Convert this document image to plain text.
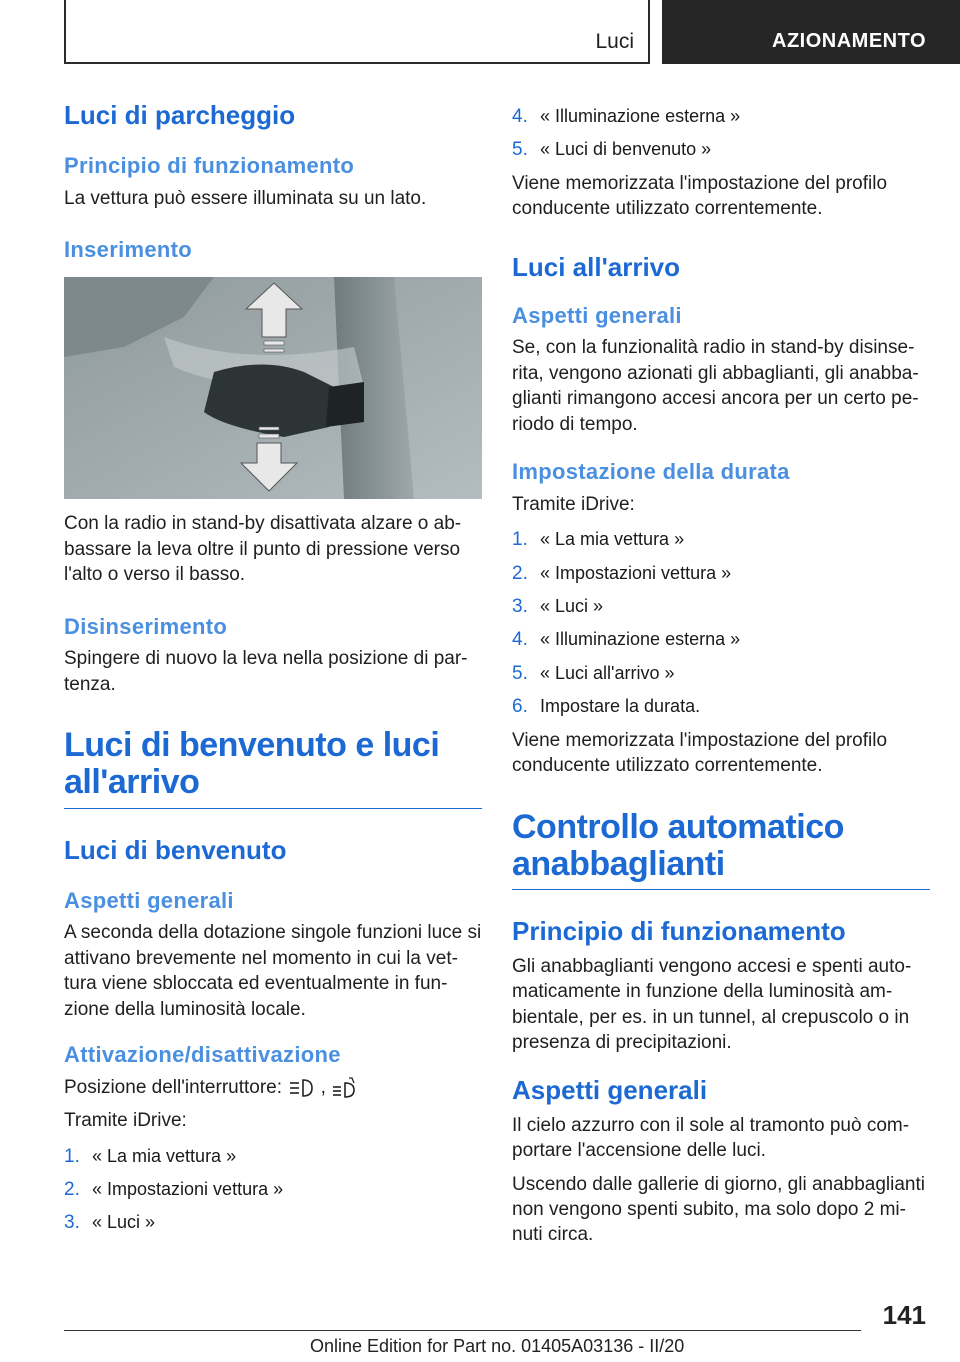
Luci	AZIONAMENTO
Luci di parcheggio
Principio di funzionamento

La vettura può essere illuminata su un lato.

Inserimento

Con la radio in stand-by disattivata alzare o abbassare la leva oltre il punto di pressione verso l'alto o verso il basso.

Disinserimento

Spingere di nuovo la leva nella posizione di partenza.

Luci di benvenuto e luci all'arrivo
Luci di benvenuto
Aspetti generali

A seconda della dotazione singole funzioni luce si attivano brevemente nel momento in cui la vettura viene sbloccata ed eventualmente in funzione della luminosità locale.

Attivazione/disattivazione

Posizione dell'interruttore: ,

Tramite iDrive:

1. « La mia vettura »
2. « Impostazioni vettura »
3. « Luci »
4. « Illuminazione esterna »
5. « Luci di benvenuto »

Viene memorizzata l'impostazione del profilo conducente utilizzato correntemente.

Luci all'arrivo
Aspetti generali

Se, con la funzionalità radio in stand-by disinserita, vengono azionati gli abbaglianti, gli anabbaglianti rimangono accesi ancora per un certo periodo di tempo.

Impostazione della durata

Tramite iDrive:

1. « La mia vettura »
2. « Impostazioni vettura »
3. « Luci »
4. « Illuminazione esterna »
5. « Luci all'arrivo »
6. Impostare la durata.

Viene memorizzata l'impostazione del profilo conducente utilizzato correntemente.

Controllo automatico anabbaglianti
Principio di funzionamento

Gli anabbaglianti vengono accesi e spenti automaticamente in funzione della luminosità ambientale, per es. in un tunnel, al crepuscolo o in presenza di precipitazioni.

Aspetti generali

Il cielo azzurro con il sole al tramonto può comportare l'accensione delle luci.

Uscendo dalle gallerie di giorno, gli anabbaglianti non vengono spenti subito, ma solo dopo 2 minuti circa.

141
Online Edition for Part no. 01405A03136 - II/20
